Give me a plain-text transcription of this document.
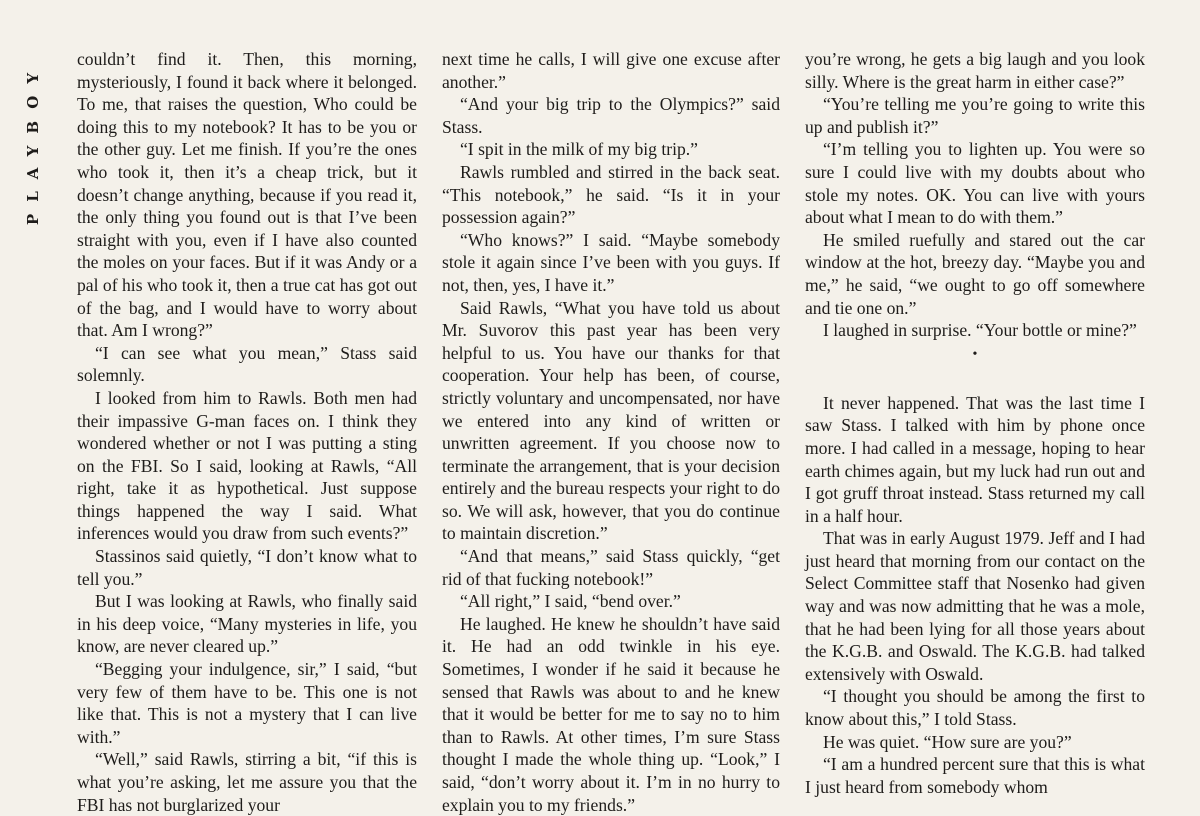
PLAYBOY

couldn’t find it. Then, this morning, mysteriously, I found it back where it belonged. To me, that raises the question, Who could be doing this to my notebook? It has to be you or the other guy. Let me finish. If you’re the ones who took it, then it’s a cheap trick, but it doesn’t change anything, because if you read it, the only thing you found out is that I’ve been straight with you, even if I have also counted the moles on your faces. But if it was Andy or a pal of his who took it, then a true cat has got out of the bag, and I would have to worry about that. Am I wrong?”

“I can see what you mean,” Stass said solemnly.

I looked from him to Rawls. Both men had their impassive G-man faces on. I think they wondered whether or not I was putting a sting on the FBI. So I said, looking at Rawls, “All right, take it as hypothetical. Just suppose things happened the way I said. What inferences would you draw from such events?”

Stassinos said quietly, “I don’t know what to tell you.”

But I was looking at Rawls, who finally said in his deep voice, “Many mysteries in life, you know, are never cleared up.”

“Begging your indulgence, sir,” I said, “but very few of them have to be. This one is not like that. This is not a mystery that I can live with.”

“Well,” said Rawls, stirring a bit, “if this is what you’re asking, let me assure you that the FBI has not burglarized your

next time he calls, I will give one excuse after another.”

“And your big trip to the Olympics?” said Stass.

“I spit in the milk of my big trip.”

Rawls rumbled and stirred in the back seat. “This notebook,” he said. “Is it in your possession again?”

“Who knows?” I said. “Maybe somebody stole it again since I’ve been with you guys. If not, then, yes, I have it.”

Said Rawls, “What you have told us about Mr. Suvorov this past year has been very helpful to us. You have our thanks for that cooperation. Your help has been, of course, strictly voluntary and uncompensated, nor have we entered into any kind of written or unwritten agreement. If you choose now to terminate the arrangement, that is your decision entirely and the bureau respects your right to do so. We will ask, however, that you do continue to maintain discretion.”

“And that means,” said Stass quickly, “get rid of that fucking notebook!”

“All right,” I said, “bend over.”

He laughed. He knew he shouldn’t have said it. He had an odd twinkle in his eye. Sometimes, I wonder if he said it because he sensed that Rawls was about to and he knew that it would be better for me to say no to him than to Rawls. At other times, I’m sure Stass thought I made the whole thing up. “Look,” I said, “don’t worry about it. I’m in no hurry to explain you to my friends.”

you’re wrong, he gets a big laugh and you look silly. Where is the great harm in either case?”

“You’re telling me you’re going to write this up and publish it?”

“I’m telling you to lighten up. You were so sure I could live with my doubts about who stole my notes. OK. You can live with yours about what I mean to do with them.”

He smiled ruefully and stared out the car window at the hot, breezy day. “Maybe you and me,” he said, “we ought to go off somewhere and tie one on.”

I laughed in surprise. “Your bottle or mine?”

•

It never happened. That was the last time I saw Stass. I talked with him by phone once more. I had called in a message, hoping to hear earth chimes again, but my luck had run out and I got gruff throat instead. Stass returned my call in a half hour.

That was in early August 1979. Jeff and I had just heard that morning from our contact on the Select Committee staff that Nosenko had given way and was now admitting that he was a mole, that he had been lying for all those years about the K.G.B. and Oswald. The K.G.B. had talked extensively with Oswald.

“I thought you should be among the first to know about this,” I told Stass.

He was quiet. “How sure are you?”

“I am a hundred percent sure that this is what I just heard from somebody whom
